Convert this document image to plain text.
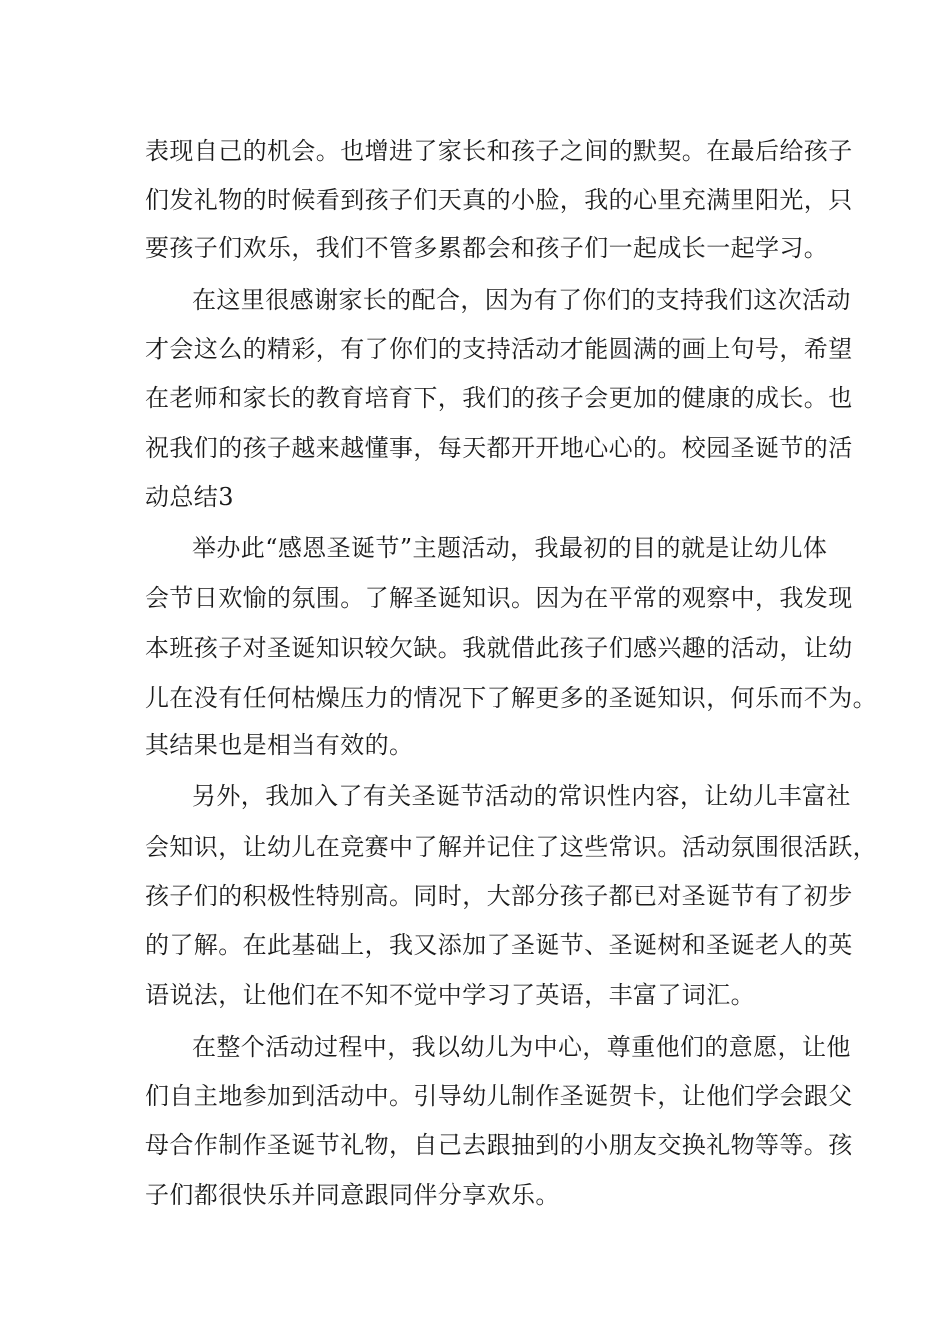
表现自己的机会。也增进了家长和孩子之间的默契。在最后给孩子
们发礼物的时候看到孩子们天真的小脸，我的心里充满里阳光，只
要孩子们欢乐，我们不管多累都会和孩子们一起成长一起学习。
在这里很感谢家长的配合，因为有了你们的支持我们这次活动
才会这么的精彩，有了你们的支持活动才能圆满的画上句号，希望
在老师和家长的教育培育下，我们的孩子会更加的健康的成长。也
祝我们的孩子越来越懂事，每天都开开地心心的。校园圣诞节的活
动总结3
举办此“感恩圣诞节”主题活动，我最初的目的就是让幼儿体
会节日欢愉的氛围。了解圣诞知识。因为在平常的观察中，我发现
本班孩子对圣诞知识较欠缺。我就借此孩子们感兴趣的活动，让幼
儿在没有任何枯燥压力的情况下了解更多的圣诞知识，何乐而不为。
其结果也是相当有效的。
另外，我加入了有关圣诞节活动的常识性内容，让幼儿丰富社
会知识，让幼儿在竞赛中了解并记住了这些常识。活动氛围很活跃，
孩子们的积极性特别高。同时，大部分孩子都已对圣诞节有了初步
的了解。在此基础上，我又添加了圣诞节、圣诞树和圣诞老人的英
语说法，让他们在不知不觉中学习了英语，丰富了词汇。
在整个活动过程中，我以幼儿为中心，尊重他们的意愿，让他
们自主地参加到活动中。引导幼儿制作圣诞贺卡，让他们学会跟父
母合作制作圣诞节礼物，自己去跟抽到的小朋友交换礼物等等。孩
子们都很快乐并同意跟同伴分享欢乐。
